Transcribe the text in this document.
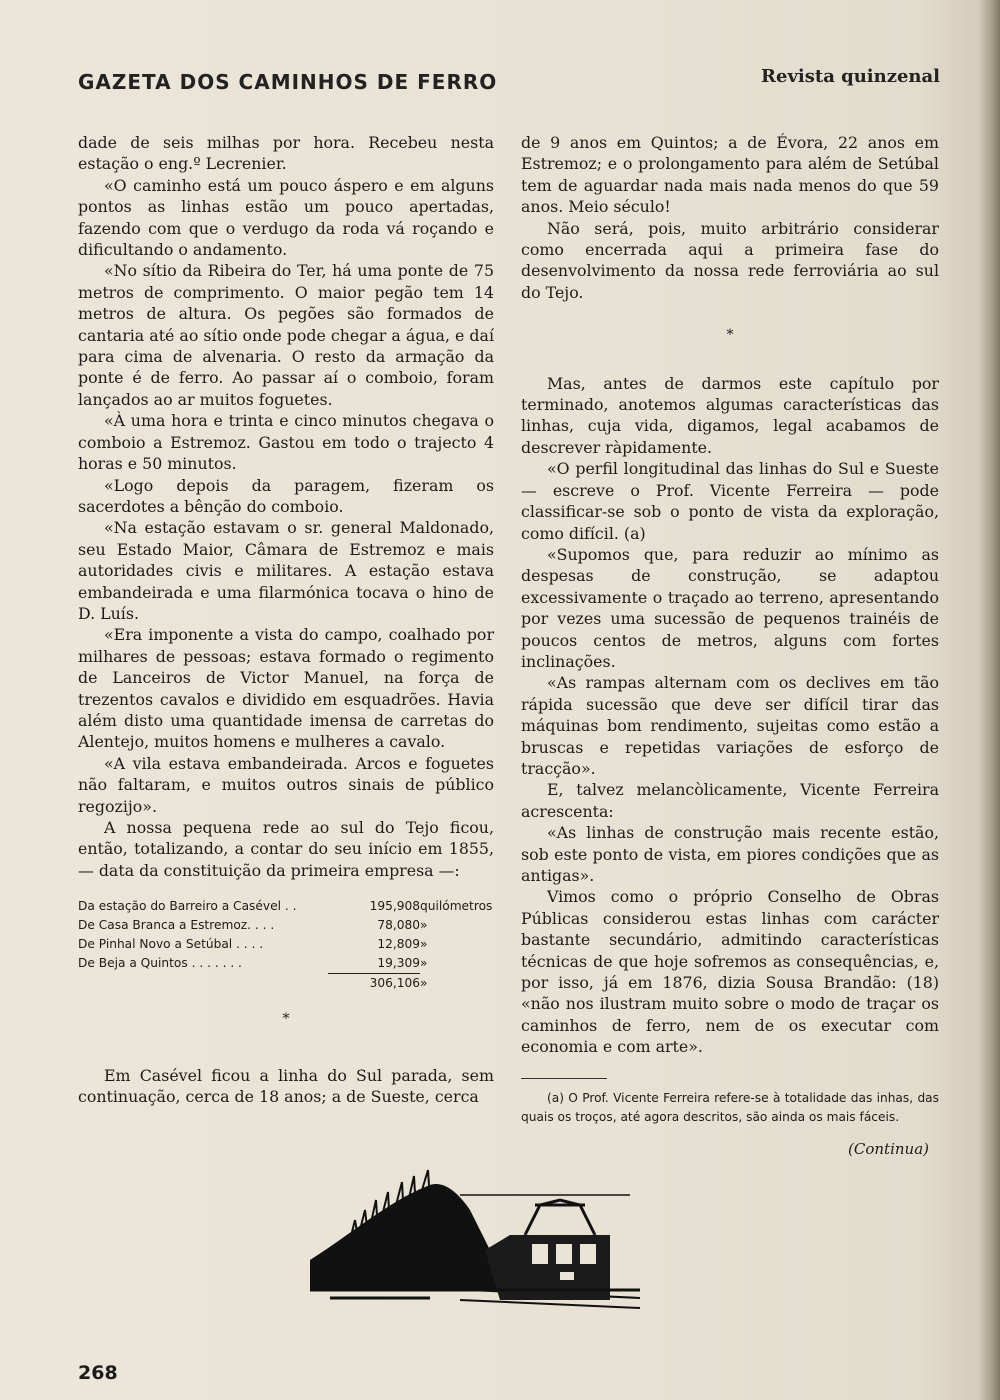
GAZETA DOS CAMINHOS DE FERRO	Revista quinzenal

dade de seis milhas por hora. Recebeu nesta estação o eng.º Lecrenier.

«O caminho está um pouco áspero e em alguns pontos as linhas estão um pouco apertadas, fazendo com que o verdugo da roda vá roçando e dificultando o andamento.

«No sítio da Ribeira do Ter, há uma ponte de 75 metros de comprimento. O maior pegão tem 14 metros de altura. Os pegões são formados de cantaria até ao sítio onde pode chegar a água, e daí para cima de alvenaria. O resto da armação da ponte é de ferro. Ao passar aí o comboio, foram lançados ao ar muitos foguetes.

«À uma hora e trinta e cinco minutos chegava o comboio a Estremoz. Gastou em todo o trajecto 4 horas e 50 minutos.

«Logo depois da paragem, fizeram os sacerdotes a bênção do comboio.

«Na estação estavam o sr. general Maldonado, seu Estado Maior, Câmara de Estremoz e mais autoridades civis e militares. A estação estava embandeirada e uma filarmónica tocava o hino de D. Luís.

«Era imponente a vista do campo, coalhado por milhares de pessoas; estava formado o regimento de Lanceiros de Victor Manuel, na força de trezentos cavalos e dividido em esquadrões. Havia além disto uma quantidade imensa de carretas do Alentejo, muitos homens e mulheres a cavalo.

«A vila estava embandeirada. Arcos e foguetes não faltaram, e muitos outros sinais de público regozijo».

A nossa pequena rede ao sul do Tejo ficou, então, totalizando, a contar do seu início em 1855, — data da constituição da primeira empresa —:

Da estação do Barreiro a Casével . .	195,908	quilómetros
De Casa Branca a Estremoz. . . .	78,080	»
De Pinhal Novo a Setúbal . . . .	12,809	»
De Beja a Quintos . . . . . . .	19,309	»
	306,106	»
*

Em Casével ficou a linha do Sul parada, sem continuação, cerca de 18 anos; a de Sueste, cerca

de 9 anos em Quintos; a de Évora, 22 anos em Estremoz; e o prolongamento para além de Setúbal tem de aguardar nada mais nada menos do que 59 anos. Meio século!

Não será, pois, muito arbitrário considerar como encerrada aqui a primeira fase do desenvolvimento da nossa rede ferroviária ao sul do Tejo.

*

Mas, antes de darmos este capítulo por terminado, anotemos algumas características das linhas, cuja vida, digamos, legal acabamos de descrever ràpidamente.

«O perfil longitudinal das linhas do Sul e Sueste — escreve o Prof. Vicente Ferreira — pode classificar-se sob o ponto de vista da exploração, como difícil. (a)

«Supomos que, para reduzir ao mínimo as despesas de construção, se adaptou excessivamente o traçado ao terreno, apresentando por vezes uma sucessão de pequenos trainéis de poucos centos de metros, alguns com fortes inclinações.

«As rampas alternam com os declives em tão rápida sucessão que deve ser difícil tirar das máquinas bom rendimento, sujeitas como estão a bruscas e repetidas variações de esforço de tracção».

E, talvez melancòlicamente, Vicente Ferreira acrescenta:

«As linhas de construção mais recente estão, sob este ponto de vista, em piores condições que as antigas».

Vimos como o próprio Conselho de Obras Públicas considerou estas linhas com carácter bastante secundário, admitindo características técnicas de que hoje sofremos as consequências, e, por isso, já em 1876, dizia Sousa Brandão: (18) «não nos ilustram muito sobre o modo de traçar os caminhos de ferro, nem de os executar com economia e com arte».

(a) O Prof. Vicente Ferreira refere-se à totalidade das inhas, das quais os troços, até agora descritos, são ainda os mais fáceis.

(Continua)
268
